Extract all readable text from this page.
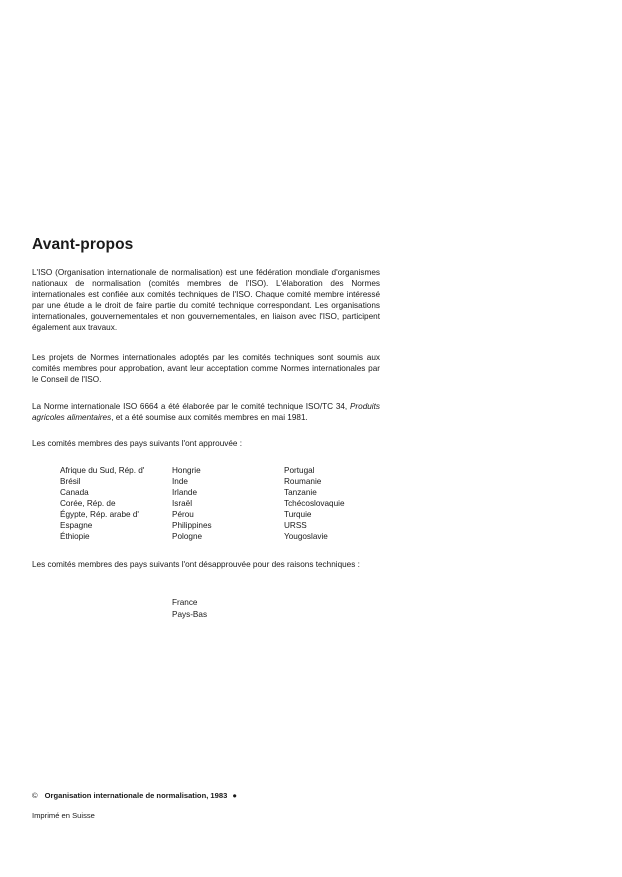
Avant-propos

L'ISO (Organisation internationale de normalisation) est une fédération mondiale d'organismes nationaux de normalisation (comités membres de l'ISO). L'élaboration des Normes internationales est confiée aux comités techniques de l'ISO. Chaque comité membre intéressé par une étude a le droit de faire partie du comité technique correspondant. Les organisations internationales, gouvernementales et non gouvernementales, en liaison avec l'ISO, participent également aux travaux.

Les projets de Normes internationales adoptés par les comités techniques sont soumis aux comités membres pour approbation, avant leur acceptation comme Normes internationales par le Conseil de l'ISO.

La Norme internationale ISO 6664 a été élaborée par le comité technique ISO/TC 34, Produits agricoles alimentaires, et a été soumise aux comités membres en mai 1981.

Les comités membres des pays suivants l'ont approuvée :

Afrique du Sud, Rép. d'
Brésil
Canada
Corée, Rép. de
Égypte, Rép. arabe d'
Espagne
Éthiopie
Hongrie
Inde
Irlande
Israël
Pérou
Philippines
Pologne
Portugal
Roumanie
Tanzanie
Tchécoslovaquie
Turquie
URSS
Yougoslavie

Les comités membres des pays suivants l'ont désapprouvée pour des raisons techniques :

France
Pays-Bas

© Organisation internationale de normalisation, 1983 ●

Imprimé en Suisse
